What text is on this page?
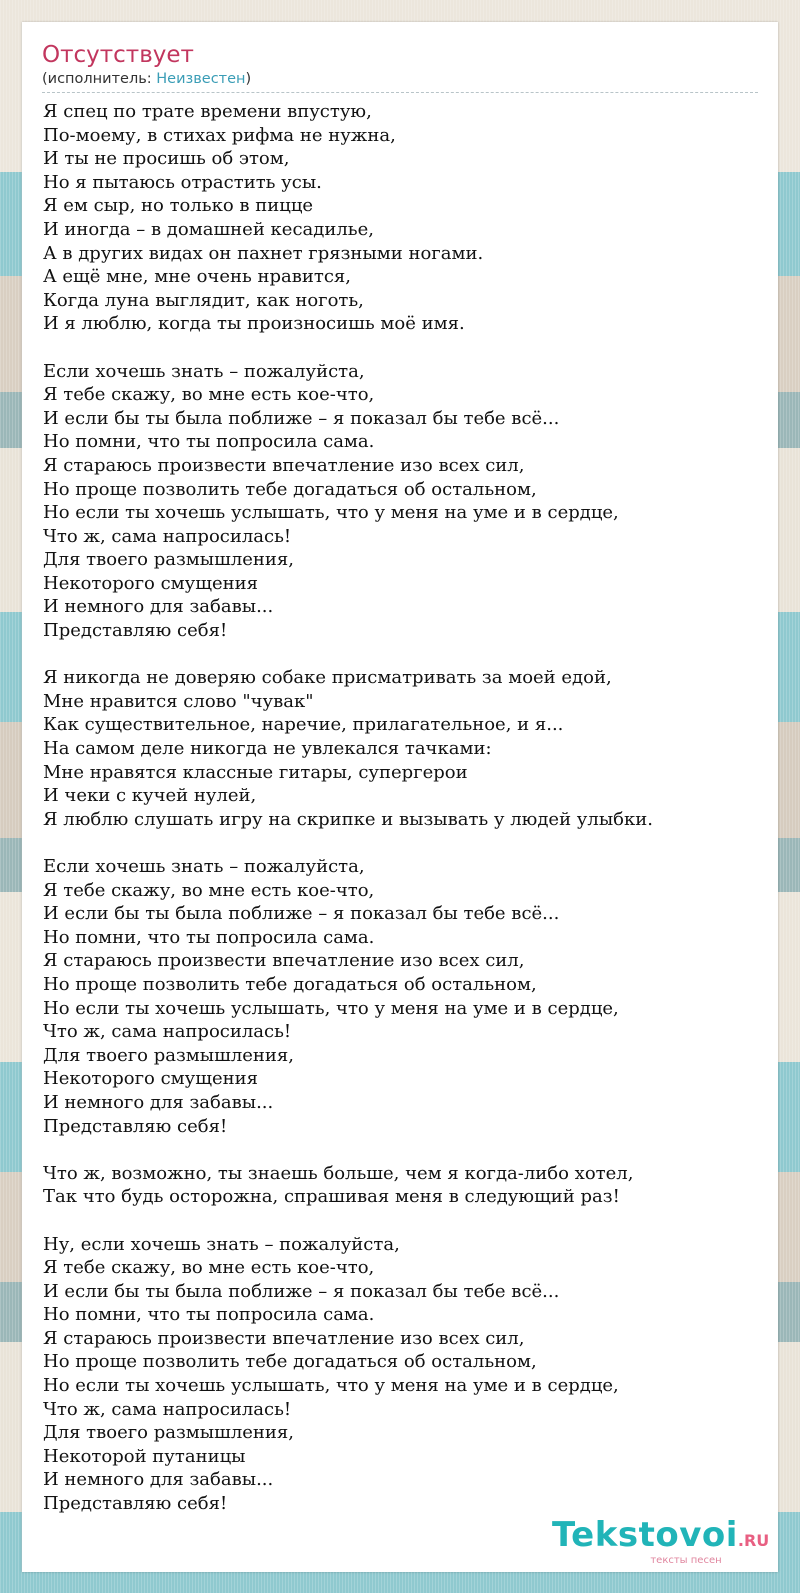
Отсутствует
(исполнитель: Неизвестен)
Я спец по трате времени впустую,
По-моему, в стихах рифма не нужна,
И ты не просишь об этом,
Но я пытаюсь отрастить усы.
Я ем сыр, но только в пицце
И иногда – в домашней кесадилье,
А в других видах он пахнет грязными ногами.
А ещё мне, мне очень нравится,
Когда луна выглядит, как ноготь,
И я люблю, когда ты произносишь моё имя.
Если хочешь знать – пожалуйста,
Я тебе скажу, во мне есть кое-что,
И если бы ты была поближе – я показал бы тебе всё...
Но помни, что ты попросила сама.
Я стараюсь произвести впечатление изо всех сил,
Но проще позволить тебе догадаться об остальном,
Но если ты хочешь услышать, что у меня на уме и в сердце,
Что ж, сама напросилась!
Для твоего размышления,
Некоторого смущения
И немного для забавы...
Представляю себя!
Я никогда не доверяю собаке присматривать за моей едой,
Мне нравится слово "чувак"
Как существительное, наречие, прилагательное, и я...
На самом деле никогда не увлекался тачками:
Мне нравятся классные гитары, супергерои
И чеки с кучей нулей,
Я люблю слушать игру на скрипке и вызывать у людей улыбки.
Если хочешь знать – пожалуйста,
Я тебе скажу, во мне есть кое-что,
И если бы ты была поближе – я показал бы тебе всё...
Но помни, что ты попросила сама.
Я стараюсь произвести впечатление изо всех сил,
Но проще позволить тебе догадаться об остальном,
Но если ты хочешь услышать, что у меня на уме и в сердце,
Что ж, сама напросилась!
Для твоего размышления,
Некоторого смущения
И немного для забавы...
Представляю себя!
Что ж, возможно, ты знаешь больше, чем я когда-либо хотел,
Так что будь осторожна, спрашивая меня в следующий раз!
Ну, если хочешь знать – пожалуйста,
Я тебе скажу, во мне есть кое-что,
И если бы ты была поближе – я показал бы тебе всё...
Но помни, что ты попросила сама.
Я стараюсь произвести впечатление изо всех сил,
Но проще позволить тебе догадаться об остальном,
Но если ты хочешь услышать, что у меня на уме и в сердце,
Что ж, сама напросилась!
Для твоего размышления,
Некоторой путаницы
И немного для забавы...
Представляю себя!
Tekstovoi.RU
тексты песен
